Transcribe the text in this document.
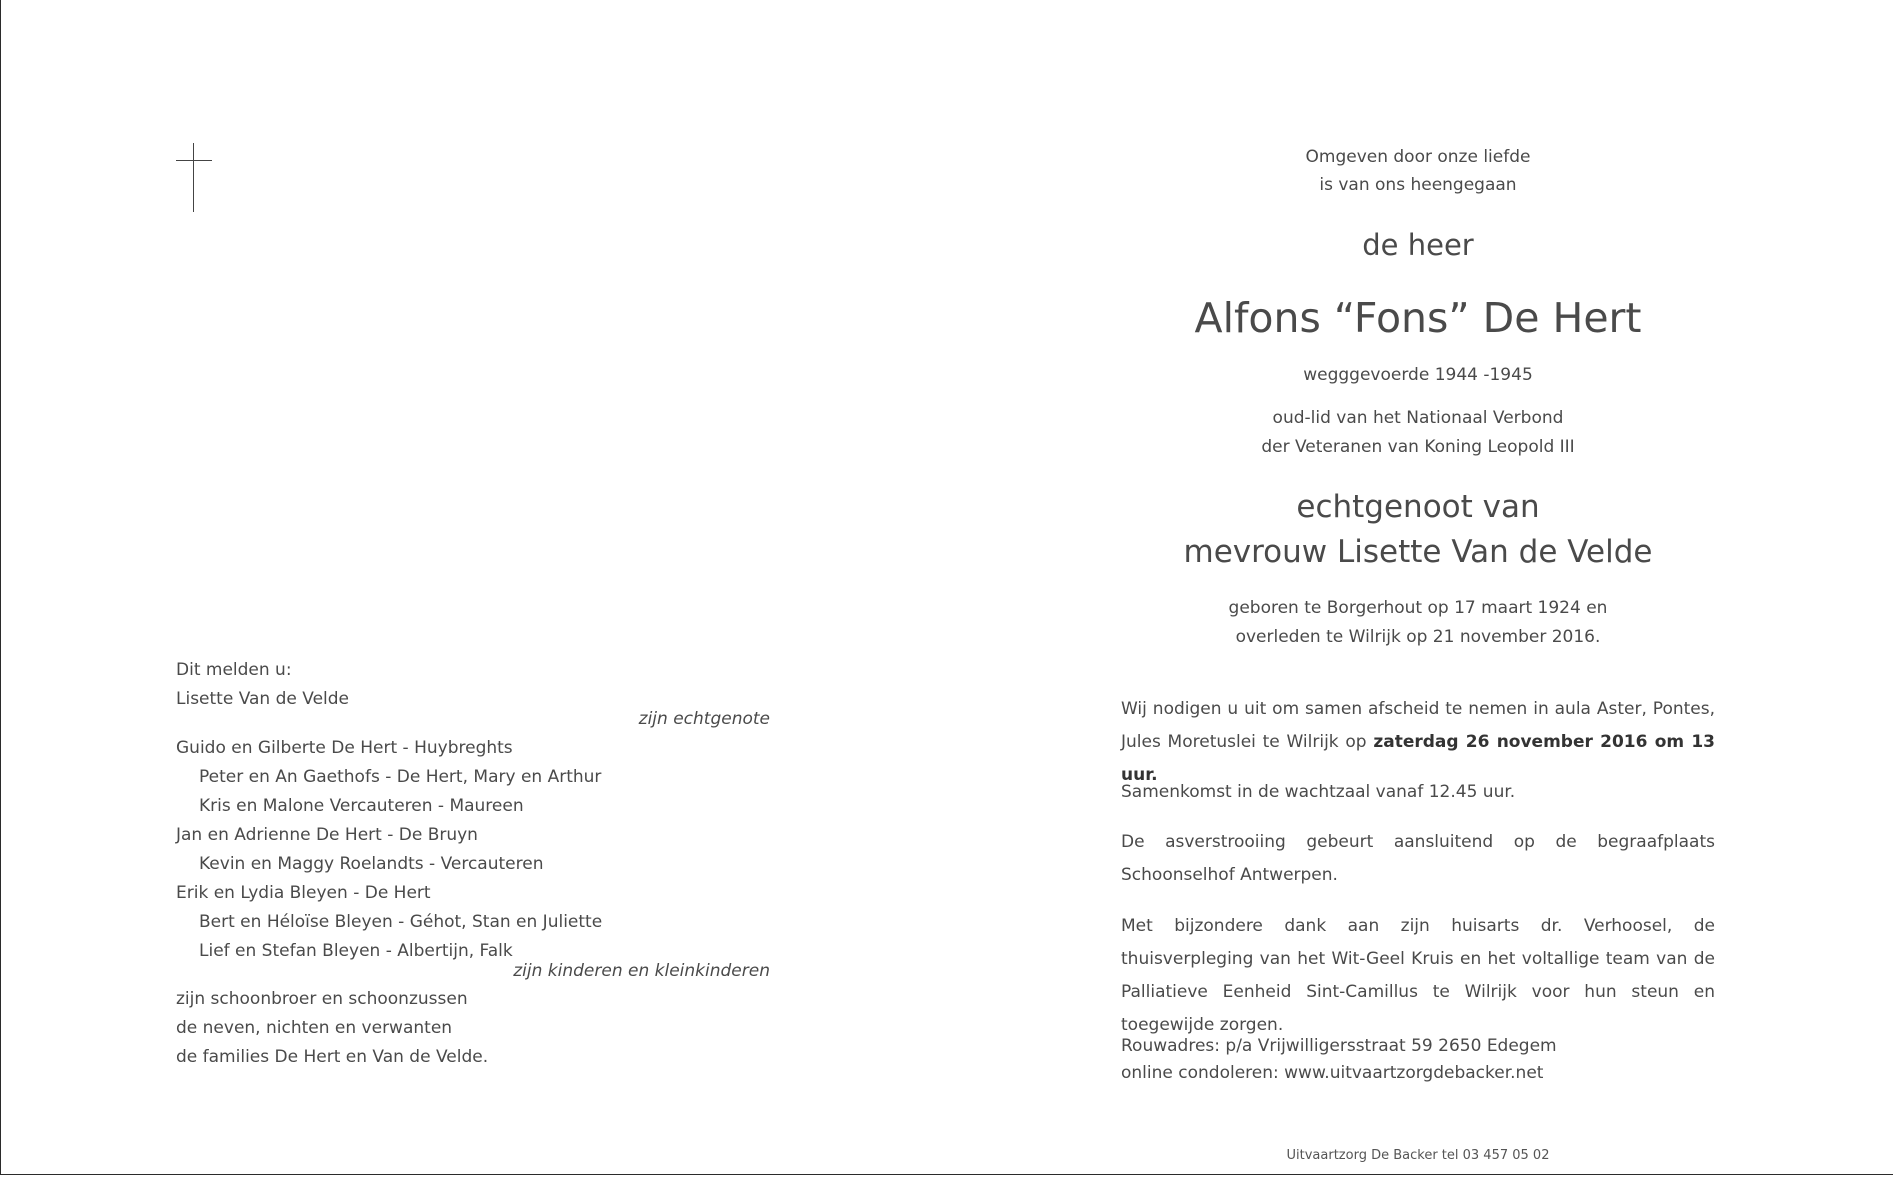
Dit melden u:
Lisette Van de Velde
zijn echtgenote
Guido en Gilberte De Hert - Huybreghts
Peter en An Gaethofs - De Hert, Mary en Arthur
Kris en Malone Vercauteren - Maureen
Jan en Adrienne De Hert - De Bruyn
Kevin en Maggy Roelandts - Vercauteren
Erik en Lydia Bleyen - De Hert
Bert en Héloïse Bleyen - Géhot, Stan en Juliette
Lief en Stefan Bleyen - Albertijn, Falk
zijn kinderen en kleinkinderen
zijn schoonbroer en schoonzussen
de neven, nichten en verwanten
de families De Hert en Van de Velde.
Omgeven door onze liefde
is van ons heengegaan
de heer
Alfons “Fons” De Hert
wegggevoerde 1944 -1945
oud-lid van het Nationaal Verbond
der Veteranen van Koning Leopold III
echtgenoot van
mevrouw Lisette Van de Velde
geboren te Borgerhout op 17 maart 1924 en
overleden te Wilrijk op 21 november 2016.
Wij nodigen u uit om samen afscheid te nemen in aula Aster, Pontes, Jules Moretuslei te Wilrijk op zaterdag 26 november 2016 om 13 uur.
Samenkomst in de wachtzaal vanaf 12.45 uur.
De asverstrooiing gebeurt aansluitend op de begraafplaats Schoonselhof Antwerpen.
Met bijzondere dank aan zijn huisarts dr. Verhoosel, de thuisverpleging van het Wit-Geel Kruis en het voltallige team van de Palliatieve Eenheid Sint-Camillus te Wilrijk voor hun steun en toegewijde zorgen.
Rouwadres: p/a Vrijwilligersstraat 59 2650 Edegem
online condoleren: www.uitvaartzorgdebacker.net
Uitvaartzorg De Backer tel 03 457 05 02
